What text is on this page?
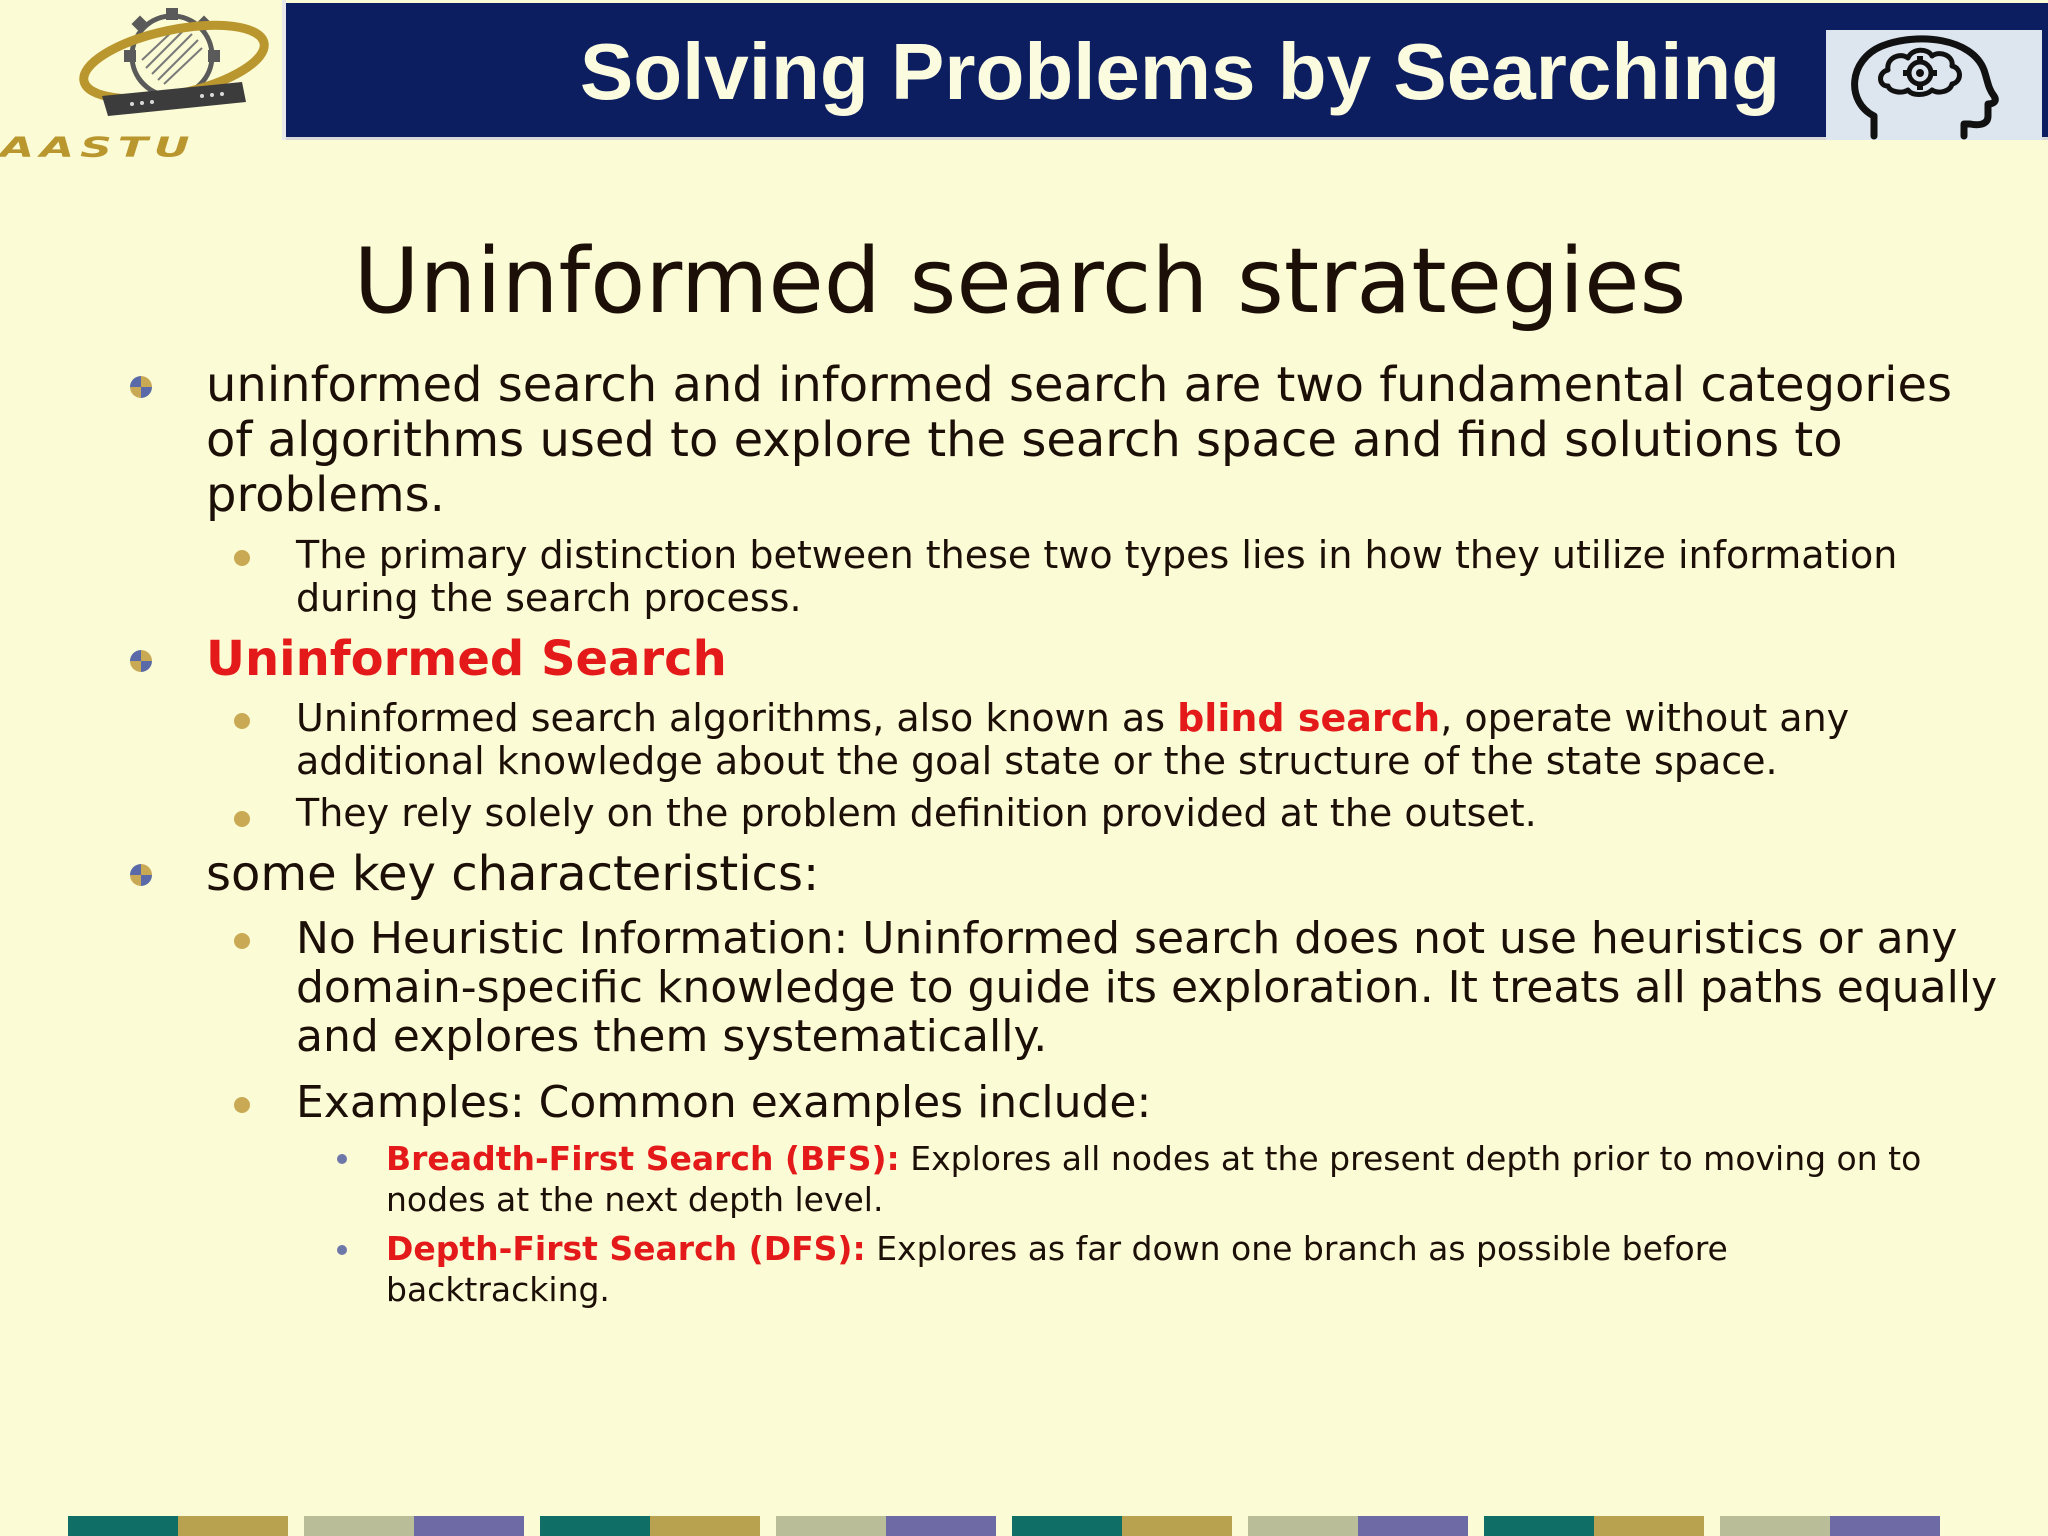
AASTU
Solving Problems by Searching
Uninformed search strategies
uninformed search and informed search are two fundamental categories of algorithms used to explore the search space and find solutions to problems.
The primary distinction between these two types lies in how they utilize information during the search process.
Uninformed Search
Uninformed search algorithms, also known as blind search, operate without any additional knowledge about the goal state or the structure of the state space.
They rely solely on the problem definition provided at the outset.
some key characteristics:
No Heuristic Information: Uninformed search does not use heuristics or any domain-specific knowledge to guide its exploration. It treats all paths equally and explores them systematically.
Examples: Common examples include:
Breadth-First Search (BFS): Explores all nodes at the present depth prior to moving on to nodes at the next depth level.
Depth-First Search (DFS): Explores as far down one branch as possible before backtracking.
